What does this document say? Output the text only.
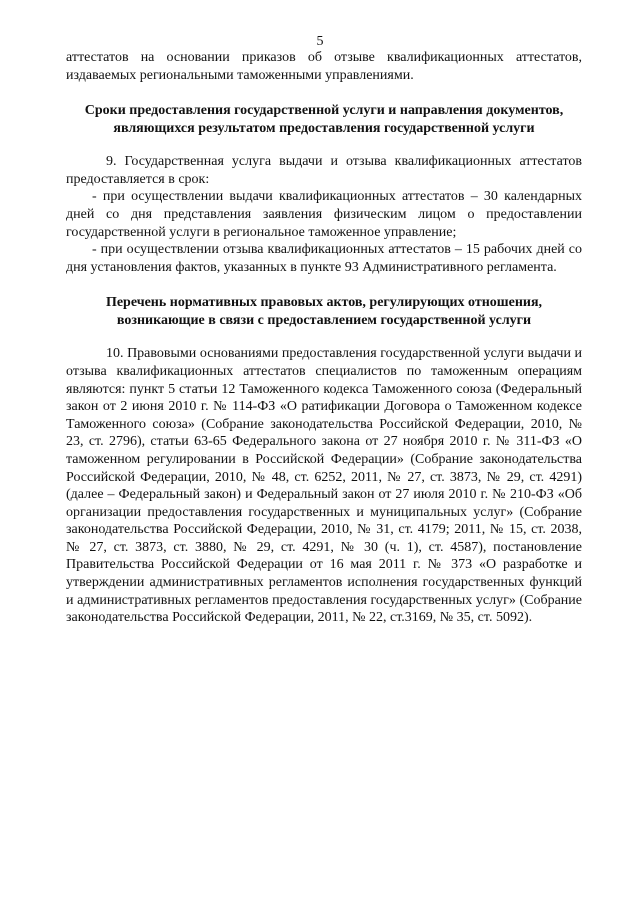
5

аттестатов на основании приказов об отзыве квалификационных аттестатов, издаваемых региональными таможенными управлениями.

Сроки предоставления государственной услуги и направления документов, являющихся результатом предоставления государственной услуги

9. Государственная услуга выдачи и отзыва квалификационных аттестатов предоставляется в срок:

- при осуществлении выдачи квалификационных аттестатов – 30 календарных дней со дня представления заявления физическим лицом о предоставлении государственной услуги в региональное таможенное управление;

- при осуществлении отзыва квалификационных аттестатов – 15 рабочих дней со дня установления фактов, указанных в пункте 93 Административного регламента.

Перечень нормативных правовых актов, регулирующих отношения, возникающие в связи с предоставлением государственной услуги

10. Правовыми основаниями предоставления государственной услуги выдачи и отзыва квалификационных аттестатов специалистов по таможенным операциям являются: пункт 5 статьи 12 Таможенного кодекса Таможенного союза (Федеральный закон от 2 июня 2010 г. № 114-ФЗ «О ратификации Договора о Таможенном кодексе Таможенного союза» (Собрание законодательства Российской Федерации, 2010, № 23, ст. 2796), статьи 63-65 Федерального закона от 27 ноября 2010 г. № 311-ФЗ «О таможенном регулировании в Российской Федерации» (Собрание законодательства Российской Федерации, 2010, № 48, ст. 6252, 2011, № 27, ст. 3873, № 29, ст. 4291) (далее – Федеральный закон) и Федеральный закон от 27 июля 2010 г. № 210-ФЗ «Об организации предоставления государственных и муниципальных услуг» (Собрание законодательства Российской Федерации, 2010, № 31, ст. 4179; 2011, № 15, ст. 2038, № 27, ст. 3873, ст. 3880, № 29, ст. 4291, № 30 (ч. 1), ст. 4587), постановление Правительства Российской Федерации от 16 мая 2011 г. № 373 «О разработке и утверждении административных регламентов исполнения государственных функций и административных регламентов предоставления государственных услуг» (Собрание законодательства Российской Федерации, 2011, № 22, ст.3169, № 35, ст. 5092).
